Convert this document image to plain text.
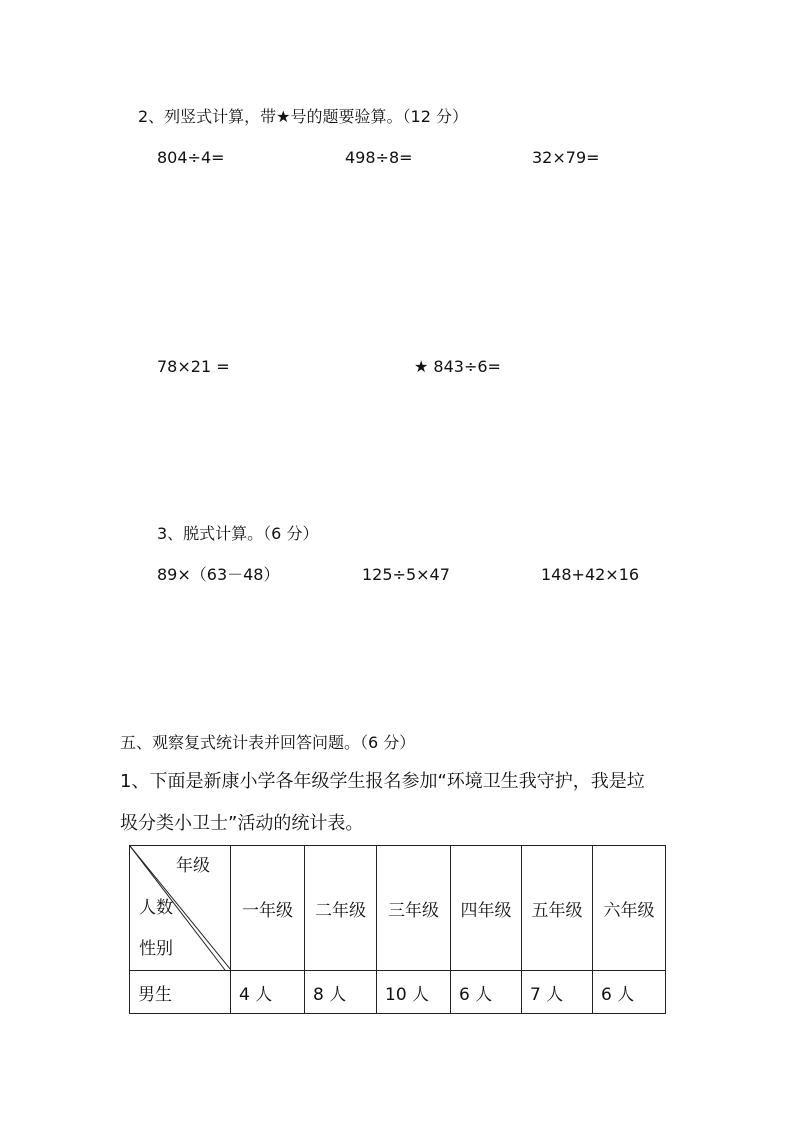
2、列竖式计算，带★号的题要验算。（12 分）
804÷4=	498÷8=	32×79=
78×21 =	★ 843÷6=
3、脱式计算。（6 分）
89×（63－48）	125÷5×47	148+42×16
五、观察复式统计表并回答问题。（6 分）
1、下面是新康小学各年级学生报名参加“环境卫生我守护，我是垃
圾分类小卫士”活动的统计表。
年级
人数
性别	一年级	二年级	三年级	四年级	五年级	六年级
男生	4 人	8 人	10 人	6 人	7 人	6 人
